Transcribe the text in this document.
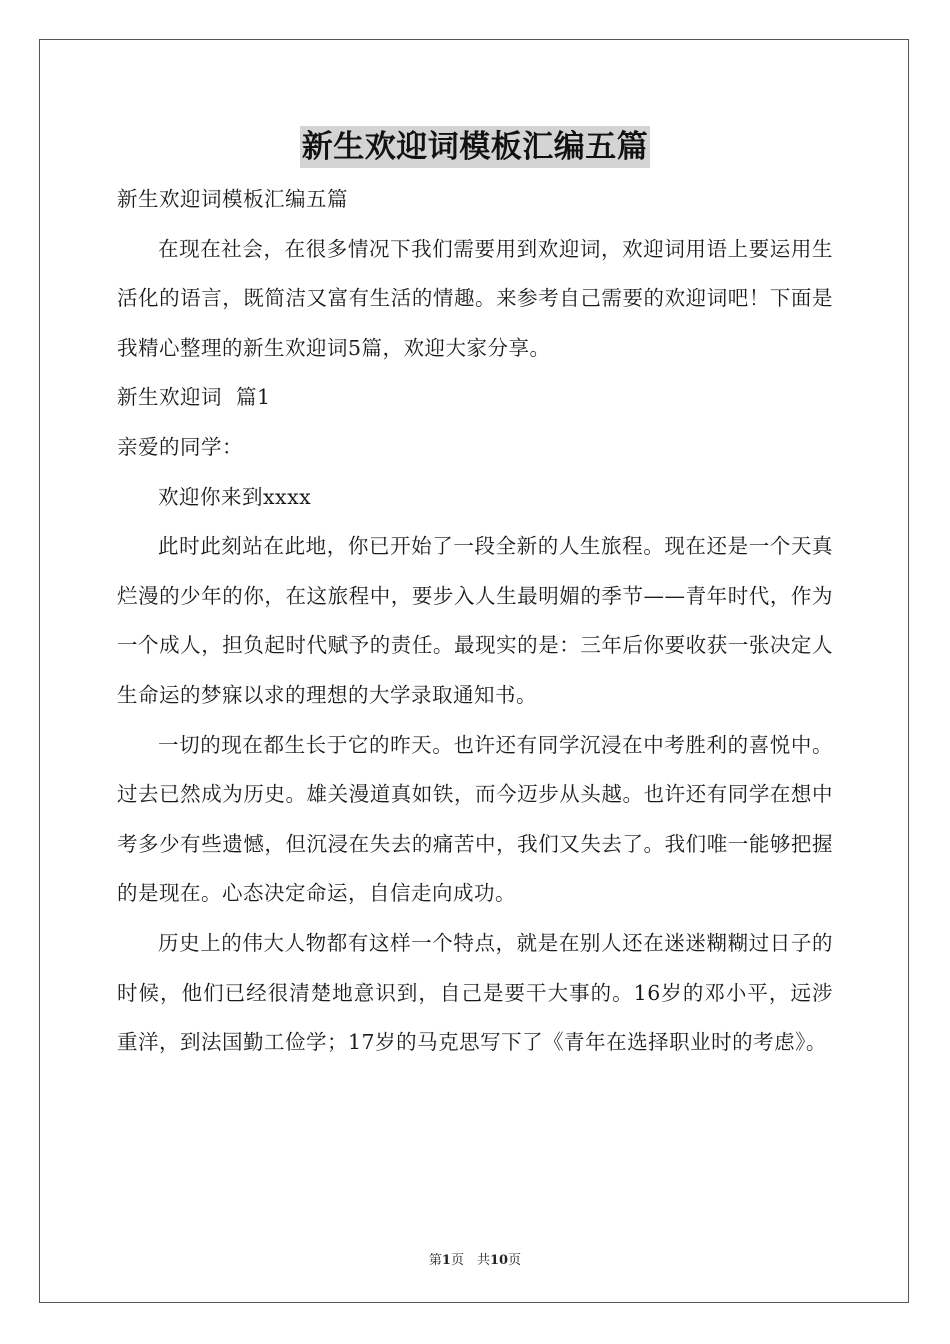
新生欢迎词模板汇编五篇
新生欢迎词模板汇编五篇

在现在社会，在很多情况下我们需要用到欢迎词，欢迎词用语上要运用生活化的语言，既简洁又富有生活的情趣。来参考自己需要的欢迎词吧！下面是我精心整理的新生欢迎词5篇，欢迎大家分享。

新生欢迎词  篇1
亲爱的同学：

欢迎你来到xxxx

此时此刻站在此地，你已开始了一段全新的人生旅程。现在还是一个天真烂漫的少年的你，在这旅程中，要步入人生最明媚的季节——青年时代，作为一个成人，担负起时代赋予的责任。最现实的是：三年后你要收获一张决定人生命运的梦寐以求的理想的大学录取通知书。

一切的现在都生长于它的昨天。也许还有同学沉浸在中考胜利的喜悦中。过去已然成为历史。雄关漫道真如铁，而今迈步从头越。也许还有同学在想中考多少有些遗憾，但沉浸在失去的痛苦中，我们又失去了。我们唯一能够把握的是现在。心态决定命运，自信走向成功。

历史上的伟大人物都有这样一个特点，就是在别人还在迷迷糊糊过日子的时候，他们已经很清楚地意识到，自己是要干大事的。16岁的邓小平，远涉重洋，到法国勤工俭学；17岁的马克思写下了《青年在选择职业时的考虑》。

第1页　共10页
